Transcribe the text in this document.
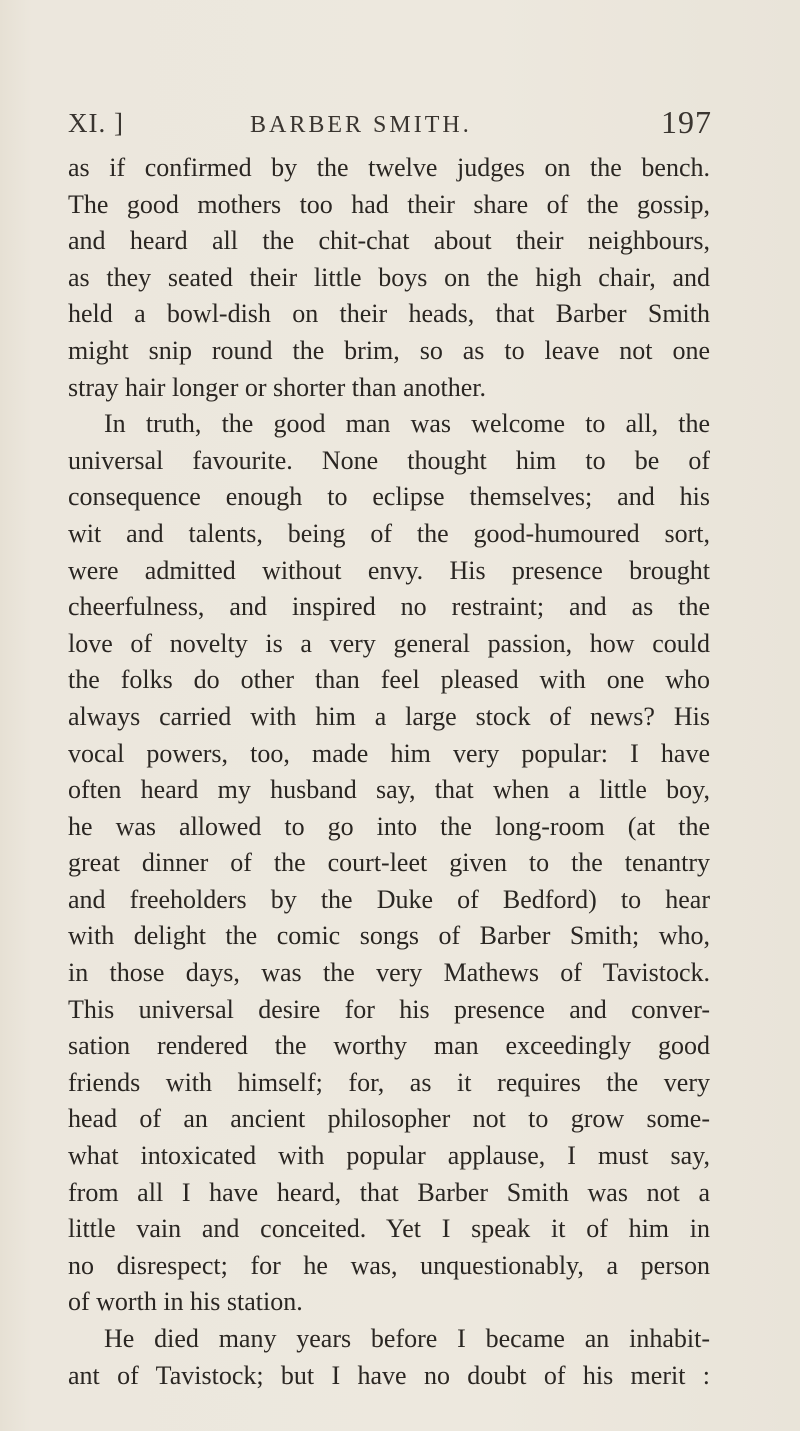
XI. ]	BARBER SMITH.	197
as if confirmed by the twelve judges on the bench.
The good mothers too had their share of the gossip,
and heard all the chit-chat about their neighbours,
as they seated their little boys on the high chair, and
held a bowl-dish on their heads, that Barber Smith
might snip round the brim, so as to leave not one
stray hair longer or shorter than another.
In truth, the good man was welcome to all, the
universal favourite. None thought him to be of
consequence enough to eclipse themselves; and his
wit and talents, being of the good-humoured sort,
were admitted without envy. His presence brought
cheerfulness, and inspired no restraint; and as the
love of novelty is a very general passion, how could
the folks do other than feel pleased with one who
always carried with him a large stock of news? His
vocal powers, too, made him very popular: I have
often heard my husband say, that when a little boy,
he was allowed to go into the long-room (at the
great dinner of the court-leet given to the tenantry
and freeholders by the Duke of Bedford) to hear
with delight the comic songs of Barber Smith; who,
in those days, was the very Mathews of Tavistock.
This universal desire for his presence and conver-
sation rendered the worthy man exceedingly good
friends with himself; for, as it requires the very
head of an ancient philosopher not to grow some-
what intoxicated with popular applause, I must say,
from all I have heard, that Barber Smith was not a
little vain and conceited. Yet I speak it of him in
no disrespect; for he was, unquestionably, a person
of worth in his station.
He died many years before I became an inhabit-
ant of Tavistock; but I have no doubt of his merit :
